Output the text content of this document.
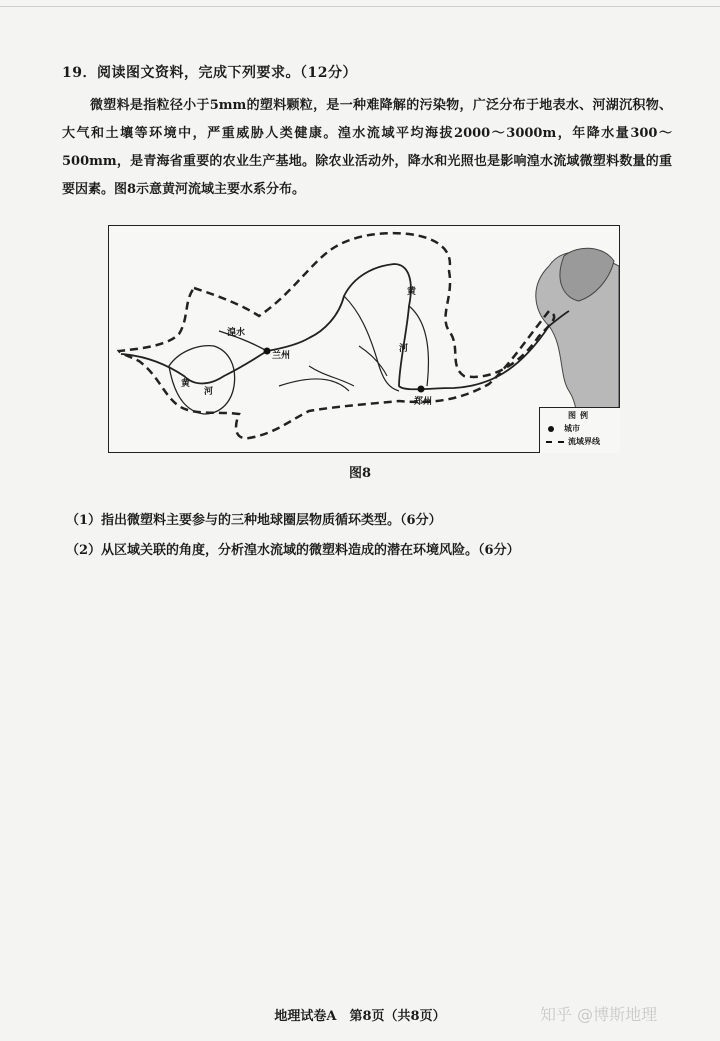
19．阅读图文资料，完成下列要求。（12分）
微塑料是指粒径小于5mm的塑料颗粒，是一种难降解的污染物，广泛分布于地表水、河湖沉积物、大气和土壤等环境中，严重威胁人类健康。湟水流域平均海拔2000～3000m，年降水量300～500mm，是青海省重要的农业生产基地。除农业活动外，降水和光照也是影响湟水流域微塑料数量的重要因素。图8示意黄河流域主要水系分布。
湟水
兰州
黄
河
黄
河
郑州
图例
城市
流域界线
图8
（1）指出微塑料主要参与的三种地球圈层物质循环类型。（6分）
（2）从区域关联的角度，分析湟水流域的微塑料造成的潜在环境风险。（6分）
地理试卷A　第8页（共8页）	知乎 @博斯地理
